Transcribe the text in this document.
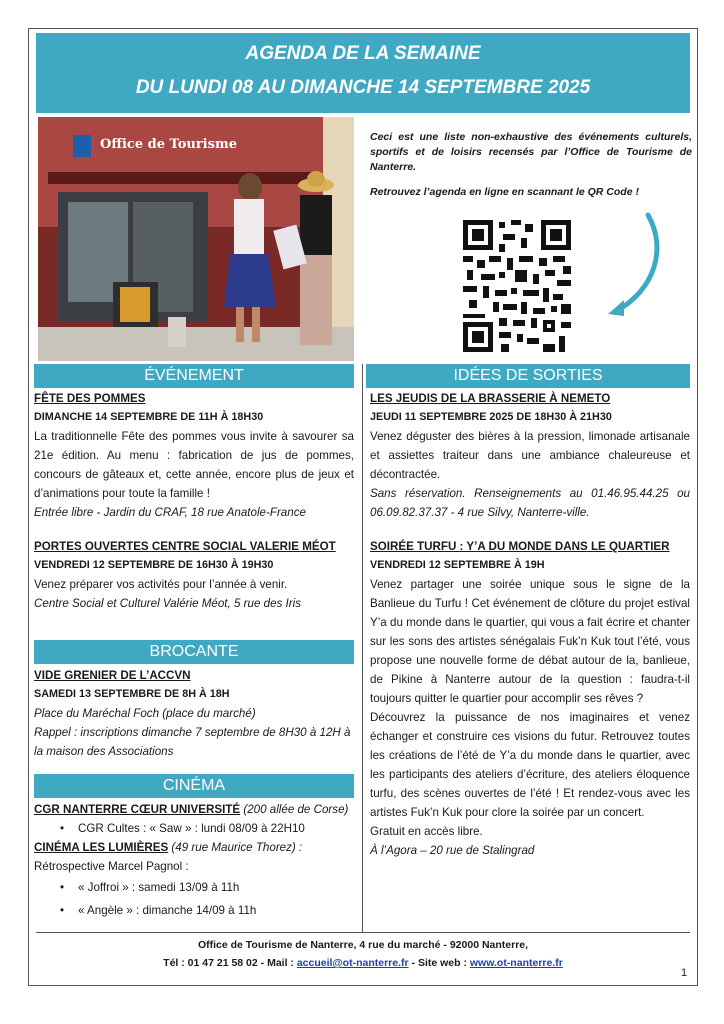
AGENDA DE LA SEMAINE
DU LUNDI 08 AU DIMANCHE 14 SEPTEMBRE 2025
Office de Tourisme	Ceci est une liste non-exhaustive des événements culturels, sportifs et de loisirs recensés par l’Office de Tourisme de Nanterre.

Retrouvez l’agenda en ligne en scannant le QR Code !

ÉVÉNEMENT
FÊTE DES POMMES
DIMANCHE 14 SEPTEMBRE DE 11H À 18H30
La traditionnelle Fête des pommes vous invite à savourer sa 21e édition. Au menu : fabrication de jus de pommes, concours de gâteaux et, cette année, encore plus de jeux et d’animations pour toute la famille !
Entrée libre - Jardin du CRAF, 18 rue Anatole-France
PORTES OUVERTES CENTRE SOCIAL VALERIE MÉOT
VENDREDI 12 SEPTEMBRE DE 16H30 À 19H30
Venez préparer vos activités pour l’année à venir.
Centre Social et Culturel Valérie Méot, 5 rue des Iris
BROCANTE
VIDE GRENIER DE L’ACCVN
SAMEDI 13 SEPTEMBRE DE 8H À 18H
Place du Maréchal Foch (place du marché)
Rappel : inscriptions dimanche 7 septembre de 8H30 à 12H à la maison des Associations
CINÉMA
CGR NANTERRE CŒUR UNIVERSITÉ (200 allée de Corse)
• CGR Cultes : « Saw » : lundi 08/09 à 22H10
CINÉMA LES LUMIÈRES (49 rue Maurice Thorez) :
Rétrospective Marcel Pagnol :
• « Joffroi » : samedi 13/09 à 11h
• « Angèle » : dimanche 14/09 à 11h
IDÉES DE SORTIES
LES JEUDIS DE LA BRASSERIE À NEMETO
JEUDI 11 SEPTEMBRE 2025 DE 18H30 À 21H30
Venez déguster des bières à la pression, limonade artisanale et assiettes traiteur dans une ambiance chaleureuse et décontractée.
Sans réservation. Renseignements au 01.46.95.44.25 ou 06.09.82.37.37 - 4 rue Silvy, Nanterre-ville.
SOIRÉE TURFU : Y’A DU MONDE DANS LE QUARTIER
VENDREDI 12 SEPTEMBRE À 19H
Venez partager une soirée unique sous le signe de la Banlieue du Turfu ! Cet événement de clôture du projet estival Y’a du monde dans le quartier, qui vous a fait écrire et chanter sur les sons des artistes sénégalais Fuk’n Kuk tout l’été, vous propose une nouvelle forme de débat autour de la, banlieue, de Pikine à Nanterre autour de la question : faudra-t-il toujours quitter le quartier pour accomplir ses rêves ?
Découvrez la puissance de nos imaginaires et venez échanger et construire ces visions du futur. Retrouvez toutes les créations de l’été de Y’a du monde dans le quartier, avec les participants des ateliers d’écriture, des ateliers éloquence turfu, des scènes ouvertes de l’été ! Et rendez-vous avec les artistes Fuk’n Kuk pour clore la soirée par un concert.
Gratuit en accès libre.
À l’Agora – 20 rue de Stalingrad
Office de Tourisme de Nanterre, 4 rue du marché - 92000 Nanterre,
Tél : 01 47 21 58 02 - Mail : accueil@ot-nanterre.fr - Site web : www.ot-nanterre.fr
1
